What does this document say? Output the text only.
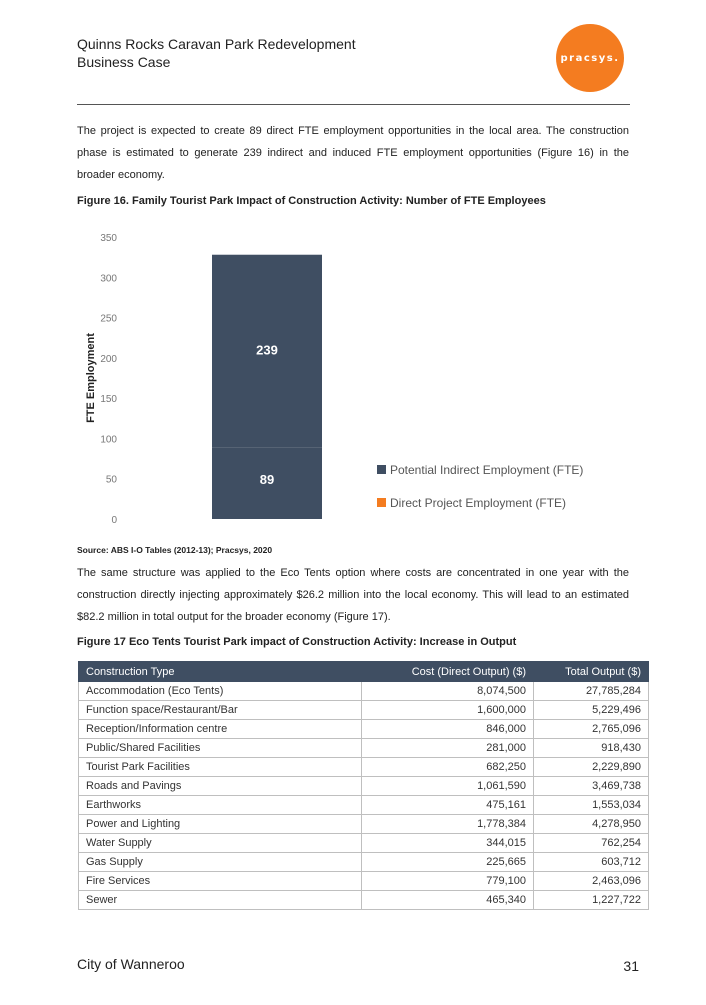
Quinns Rocks Caravan Park Redevelopment
Business Case	pracsys.
The project is expected to create 89 direct FTE employment opportunities in the local area. The construction phase is estimated to generate 239 indirect and induced FTE employment opportunities (Figure 16) in the broader economy.
Figure 16. Family Tourist Park Impact of Construction Activity: Number of FTE Employees
0
50
100
150
200
250
300
350
FTE Employment
89
239
Potential Indirect Employment (FTE)
Direct Project Employment (FTE)
Source: ABS I-O Tables (2012-13); Pracsys, 2020
The same structure was applied to the Eco Tents option where costs are concentrated in one year with the construction directly injecting approximately $26.2 million into the local economy. This will lead to an estimated $82.2 million in total output for the broader economy (Figure 17).
Figure 17 Eco Tents Tourist Park impact of Construction Activity: Increase in Output
Construction Type	Cost (Direct Output) ($)	Total Output ($)
Accommodation (Eco Tents)	8,074,500	27,785,284
Function space/Restaurant/Bar	1,600,000	5,229,496
Reception/Information centre	846,000	2,765,096
Public/Shared Facilities	281,000	918,430
Tourist Park Facilities	682,250	2,229,890
Roads and Pavings	1,061,590	3,469,738
Earthworks	475,161	1,553,034
Power and Lighting	1,778,384	4,278,950
Water Supply	344,015	762,254
Gas Supply	225,665	603,712
Fire Services	779,100	2,463,096
Sewer	465,340	1,227,722
City of Wanneroo	31
